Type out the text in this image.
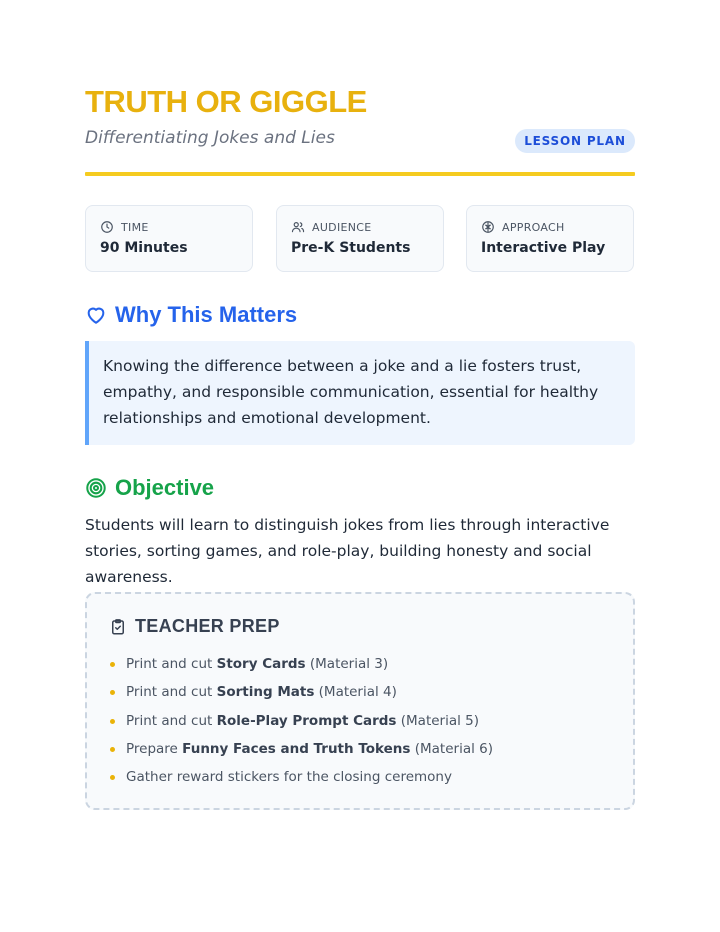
TRUTH OR GIGGLE
Differentiating Jokes and Lies	LESSON PLAN
TIME
90 Minutes
AUDIENCE
Pre-K Students
APPROACH
Interactive Play
Why This Matters
Knowing the difference between a joke and a lie fosters trust, empathy, and responsible communication, essential for healthy relationships and emotional development.
Objective
Students will learn to distinguish jokes from lies through interactive stories, sorting games, and role-play, building honesty and social awareness.
TEACHER PREP
Print and cut Story Cards (Material 3)
Print and cut Sorting Mats (Material 4)
Print and cut Role-Play Prompt Cards (Material 5)
Prepare Funny Faces and Truth Tokens (Material 6)
Gather reward stickers for the closing ceremony
